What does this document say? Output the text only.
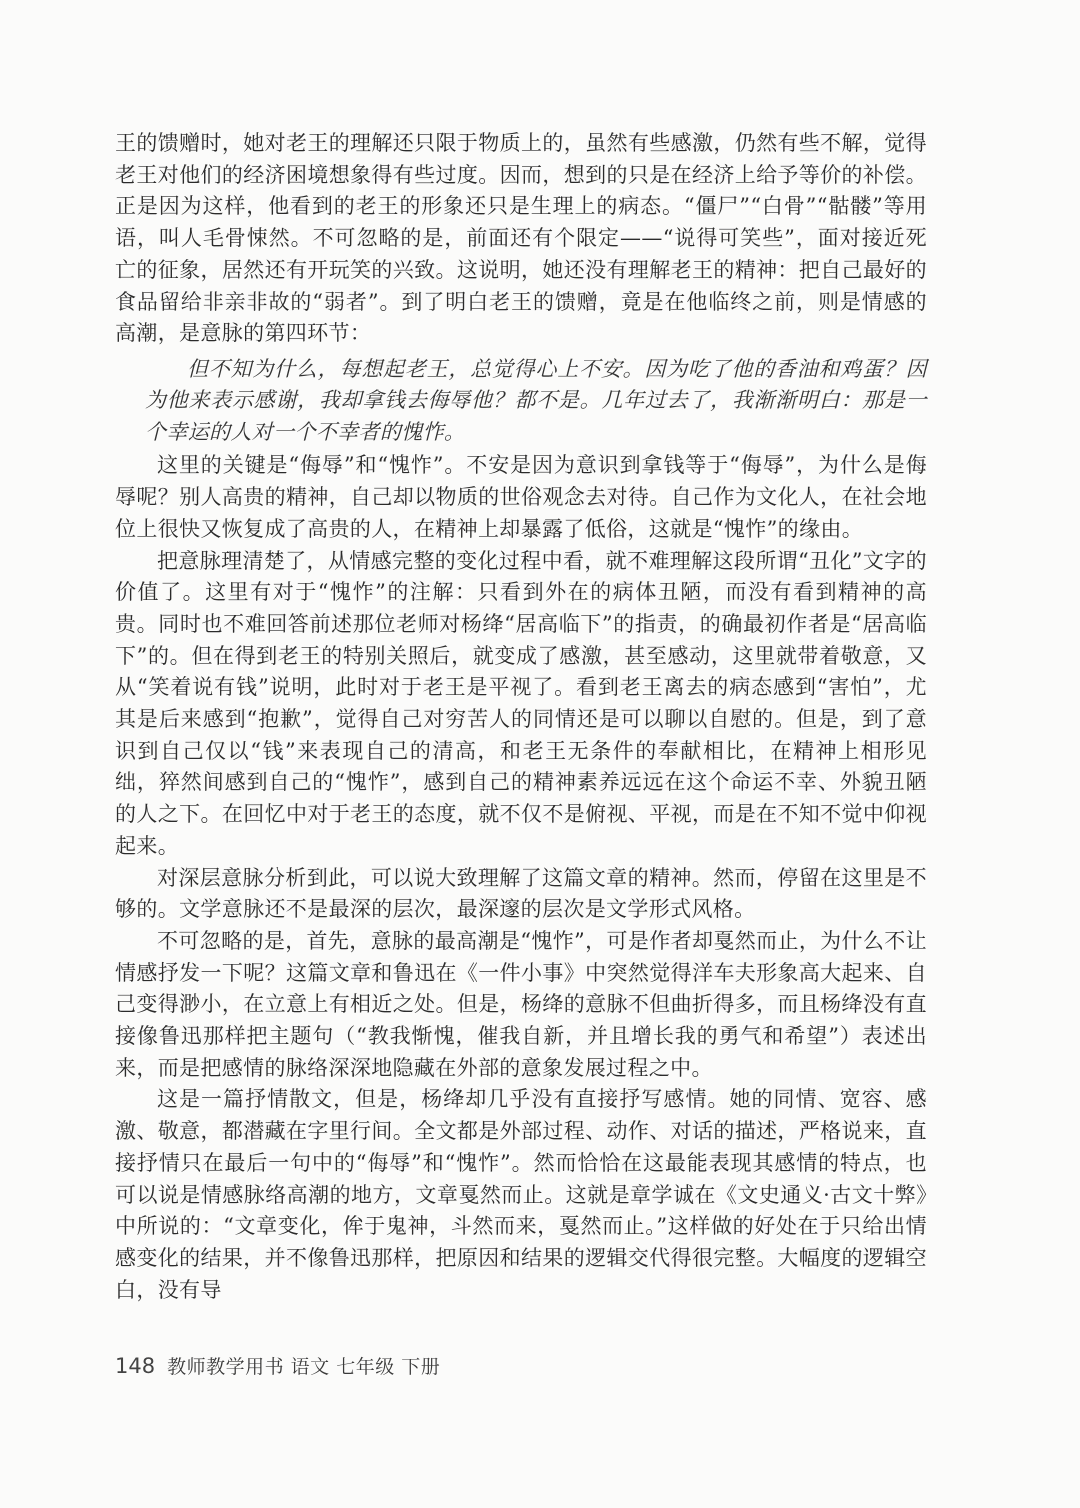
王的馈赠时，她对老王的理解还只限于物质上的，虽然有些感激，仍然有些不解，觉得老王对他们的经济困境想象得有些过度。因而，想到的只是在经济上给予等价的补偿。正是因为这样，他看到的老王的形象还只是生理上的病态。“僵尸”“白骨”“骷髅”等用语，叫人毛骨悚然。不可忽略的是，前面还有个限定——“说得可笑些”，面对接近死亡的征象，居然还有开玩笑的兴致。这说明，她还没有理解老王的精神：把自己最好的食品留给非亲非故的“弱者”。到了明白老王的馈赠，竟是在他临终之前，则是情感的高潮，是意脉的第四环节：

但不知为什么，每想起老王，总觉得心上不安。因为吃了他的香油和鸡蛋？因为他来表示感谢，我却拿钱去侮辱他？都不是。几年过去了，我渐渐明白：那是一个幸运的人对一个不幸者的愧怍。

这里的关键是“侮辱”和“愧怍”。不安是因为意识到拿钱等于“侮辱”，为什么是侮辱呢？别人高贵的精神，自己却以物质的世俗观念去对待。自己作为文化人，在社会地位上很快又恢复成了高贵的人，在精神上却暴露了低俗，这就是“愧怍”的缘由。

把意脉理清楚了，从情感完整的变化过程中看，就不难理解这段所谓“丑化”文字的价值了。这里有对于“愧怍”的注解：只看到外在的病体丑陋，而没有看到精神的高贵。同时也不难回答前述那位老师对杨绛“居高临下”的指责，的确最初作者是“居高临下”的。但在得到老王的特别关照后，就变成了感激，甚至感动，这里就带着敬意，又从“笑着说有钱”说明，此时对于老王是平视了。看到老王离去的病态感到“害怕”，尤其是后来感到“抱歉”，觉得自己对穷苦人的同情还是可以聊以自慰的。但是，到了意识到自己仅以“钱”来表现自己的清高，和老王无条件的奉献相比，在精神上相形见绌，猝然间感到自己的“愧怍”，感到自己的精神素养远远在这个命运不幸、外貌丑陋的人之下。在回忆中对于老王的态度，就不仅不是俯视、平视，而是在不知不觉中仰视起来。

对深层意脉分析到此，可以说大致理解了这篇文章的精神。然而，停留在这里是不够的。文学意脉还不是最深的层次，最深邃的层次是文学形式风格。

不可忽略的是，首先，意脉的最高潮是“愧怍”，可是作者却戛然而止，为什么不让情感抒发一下呢？这篇文章和鲁迅在《一件小事》中突然觉得洋车夫形象高大起来、自己变得渺小，在立意上有相近之处。但是，杨绛的意脉不但曲折得多，而且杨绛没有直接像鲁迅那样把主题句（“教我惭愧，催我自新，并且增长我的勇气和希望”）表述出来，而是把感情的脉络深深地隐藏在外部的意象发展过程之中。

这是一篇抒情散文，但是，杨绛却几乎没有直接抒写感情。她的同情、宽容、感激、敬意，都潜藏在字里行间。全文都是外部过程、动作、对话的描述，严格说来，直接抒情只在最后一句中的“侮辱”和“愧怍”。然而恰恰在这最能表现其感情的特点，也可以说是情感脉络高潮的地方，文章戛然而止。这就是章学诚在《文史通义·古文十弊》中所说的：“文章变化，侔于鬼神，斗然而来，戛然而止。”这样做的好处在于只给出情感变化的结果，并不像鲁迅那样，把原因和结果的逻辑交代得很完整。大幅度的逻辑空白，没有导

148 教师教学用书 语文 七年级 下册
